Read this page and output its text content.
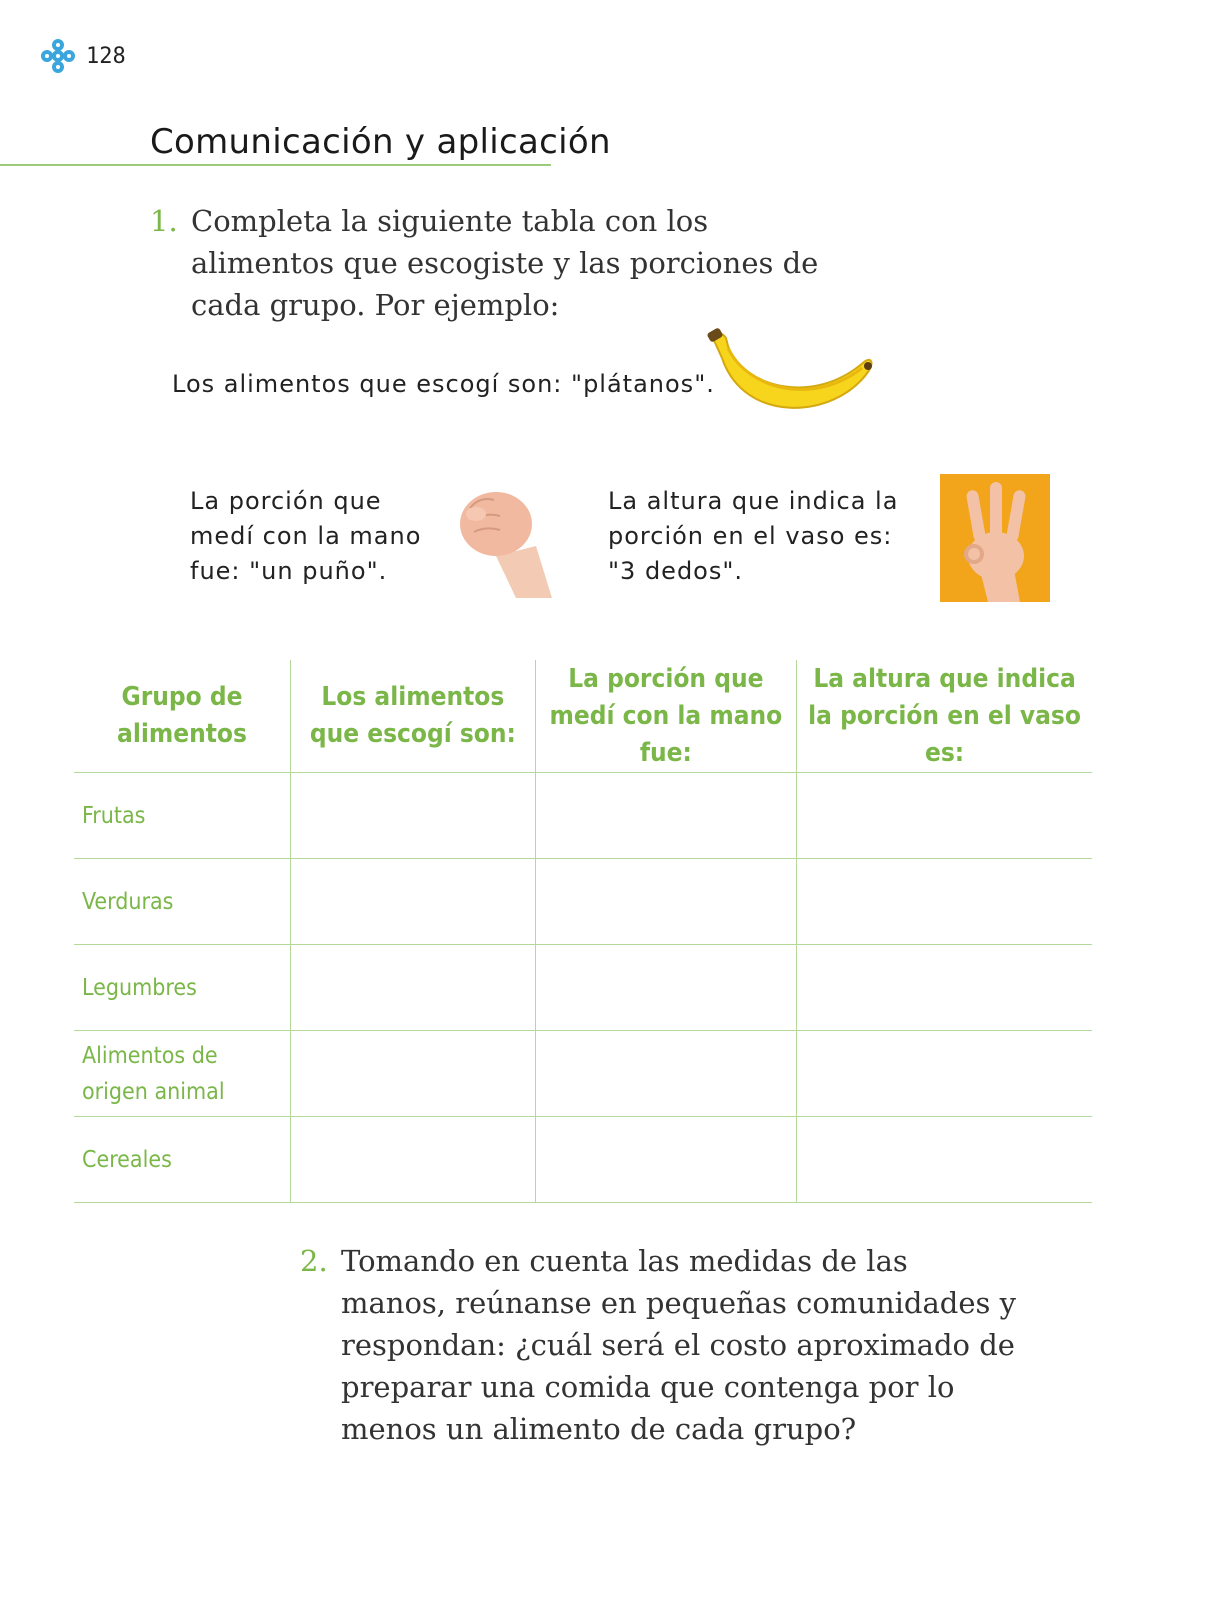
128
Comunicación y aplicación
1. Completa la siguiente tabla con los alimentos que escogiste y las porciones de cada grupo. Por ejemplo:
Los alimentos que escogí son: "plátanos".
La porción que medí con la mano fue: "un puño".
La altura que indica la porción en el vaso es: "3 dedos".
Grupo de alimentos	Los alimentos que escogí son:	La porción que medí con la mano fue:	La altura que indica la porción en el vaso es:
Frutas			
Verduras			
Legumbres			
Alimentos de origen animal			
Cereales			
2. Tomando en cuenta las medidas de las manos, reúnanse en pequeñas comunidades y respondan: ¿cuál será el costo aproximado de preparar una comida que contenga por lo menos un alimento de cada grupo?
